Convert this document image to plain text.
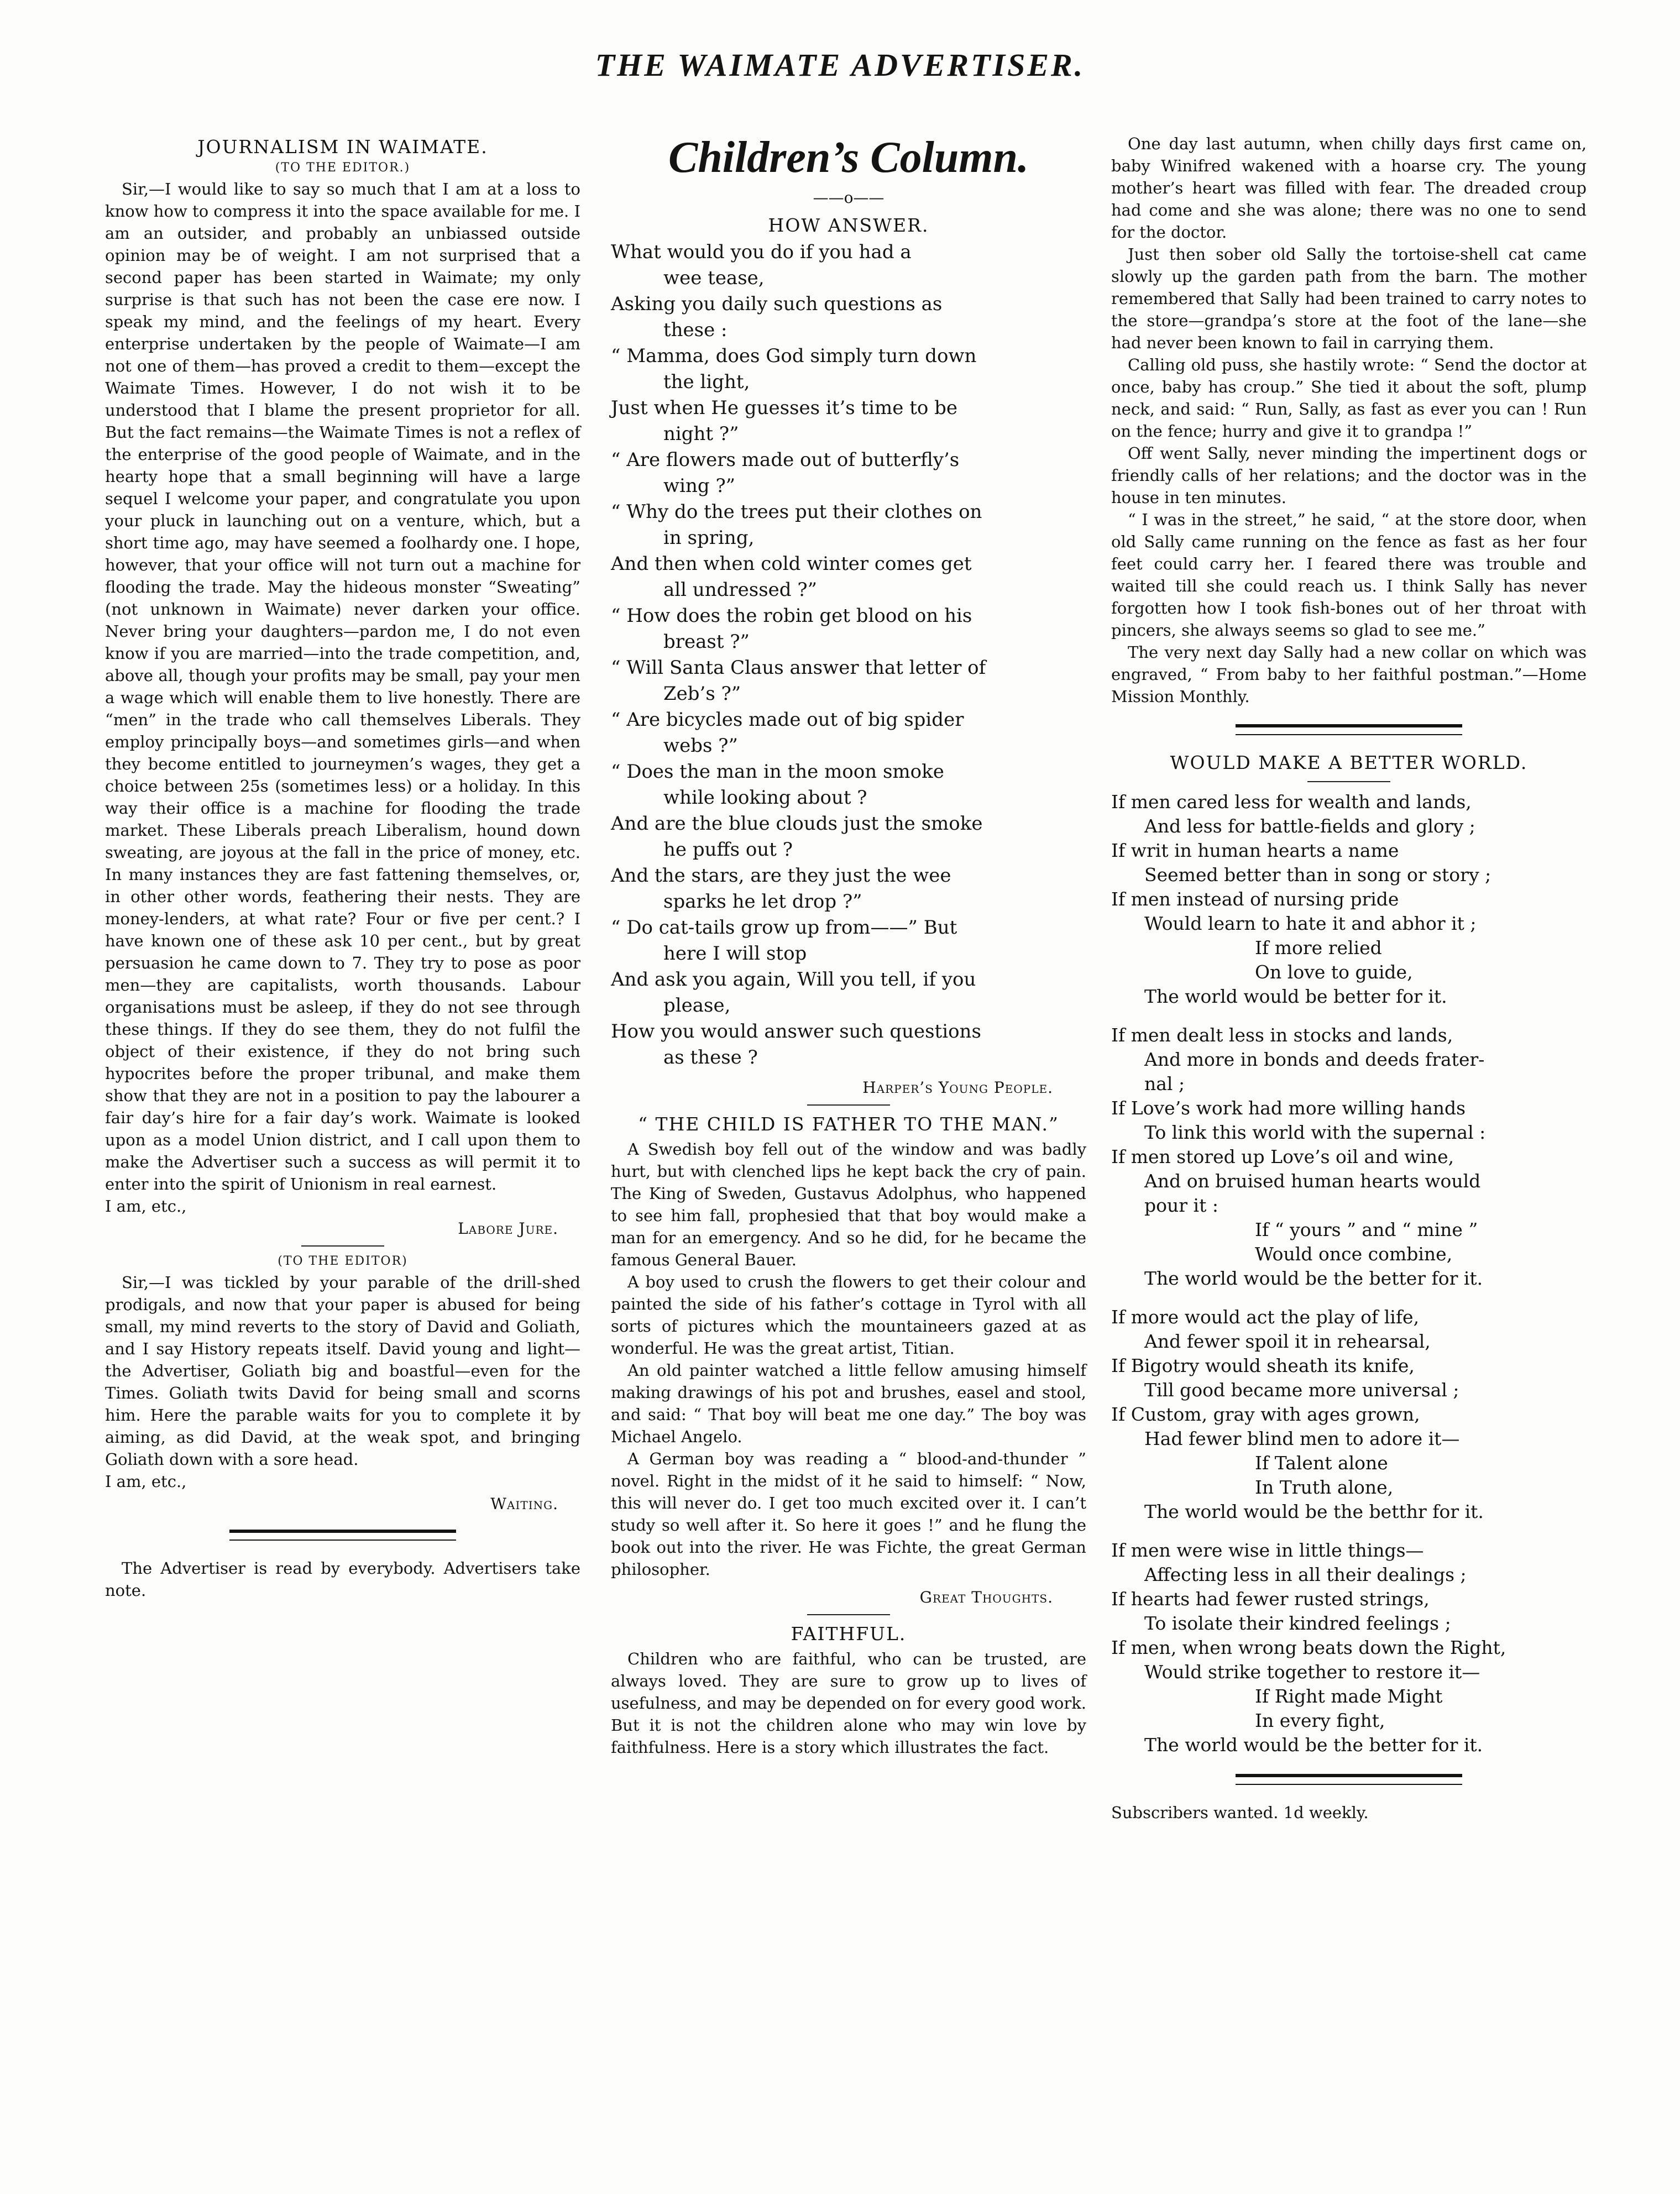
THE WAIMATE ADVERTISER.
JOURNALISM IN WAIMATE.
(TO THE EDITOR.)

Sir,—I would like to say so much that I am at a loss to know how to compress it into the space available for me. I am an outsider, and probably an unbiassed outside opinion may be of weight. I am not surprised that a second paper has been started in Waimate; my only surprise is that such has not been the case ere now. I speak my mind, and the feelings of my heart. Every enterprise undertaken by the people of Waimate—I am not one of them—has proved a credit to them—except the Waimate Times. However, I do not wish it to be understood that I blame the present proprietor for all. But the fact remains—the Waimate Times is not a reflex of the enterprise of the good people of Waimate, and in the hearty hope that a small beginning will have a large sequel I welcome your paper, and congratulate you upon your pluck in launching out on a venture, which, but a short time ago, may have seemed a foolhardy one. I hope, however, that your office will not turn out a machine for flooding the trade. May the hideous monster “Sweating” (not unknown in Waimate) never darken your office. Never bring your daughters—pardon me, I do not even know if you are married—into the trade competition, and, above all, though your profits may be small, pay your men a wage which will enable them to live honestly. There are “men” in the trade who call themselves Liberals. They employ principally boys—and sometimes girls—and when they become entitled to journeymen’s wages, they get a choice between 25s (sometimes less) or a holiday. In this way their office is a machine for flooding the trade market. These Liberals preach Liberalism, hound down sweating, are joyous at the fall in the price of money, etc. In many instances they are fast fattening themselves, or, in other other words, feathering their nests. They are money-lenders, at what rate? Four or five per cent.? I have known one of these ask 10 per cent., but by great persuasion he came down to 7. They try to pose as poor men—they are capitalists, worth thousands. Labour organisations must be asleep, if they do not see through these things. If they do see them, they do not fulfil the object of their existence, if they do not bring such hypocrites before the proper tribunal, and make them show that they are not in a position to pay the labourer a fair day’s hire for a fair day’s work. Waimate is looked upon as a model Union district, and I call upon them to make the Advertiser such a success as will permit it to enter into the spirit of Unionism in real earnest.

I am, etc.,

Labore Jure.
(TO THE EDITOR)

Sir,—I was tickled by your parable of the drill-shed prodigals, and now that your paper is abused for being small, my mind reverts to the story of David and Goliath, and I say History repeats itself. David young and light—the Advertiser, Goliath big and boastful—even for the Times. Goliath twits David for being small and scorns him. Here the parable waits for you to complete it by aiming, as did David, at the weak spot, and bringing Goliath down with a sore head.

I am, etc.,

Waiting.

The Advertiser is read by everybody. Advertisers take note.

Children’s Column.
——o——
HOW ANSWER.
What would you do if you had a
wee tease,
Asking you daily such questions as
these :
“ Mamma, does God simply turn down
the light,
Just when He guesses it’s time to be
night ?”
“ Are flowers made out of butterfly’s
wing ?”
“ Why do the trees put their clothes on
in spring,
And then when cold winter comes get
all undressed ?”
“ How does the robin get blood on his
breast ?”
“ Will Santa Claus answer that letter of
Zeb’s ?”
“ Are bicycles made out of big spider
webs ?”
“ Does the man in the moon smoke
while looking about ?
And are the blue clouds just the smoke
he puffs out ?
And the stars, are they just the wee
sparks he let drop ?”
“ Do cat-tails grow up from——” But
here I will stop
And ask you again, Will you tell, if you
please,
How you would answer such questions
as these ?
Harper’s Young People.
“ THE CHILD IS FATHER TO THE MAN.”

A Swedish boy fell out of the window and was badly hurt, but with clenched lips he kept back the cry of pain. The King of Sweden, Gustavus Adolphus, who happened to see him fall, prophesied that that boy would make a man for an emergency. And so he did, for he became the famous General Bauer.

A boy used to crush the flowers to get their colour and painted the side of his father’s cottage in Tyrol with all sorts of pictures which the mountaineers gazed at as wonderful. He was the great artist, Titian.

An old painter watched a little fellow amusing himself making drawings of his pot and brushes, easel and stool, and said: “ That boy will beat me one day.” The boy was Michael Angelo.

A German boy was reading a “ blood-and-thunder ” novel. Right in the midst of it he said to himself: “ Now, this will never do. I get too much excited over it. I can’t study so well after it. So here it goes !” and he flung the book out into the river. He was Fichte, the great German philosopher.

Great Thoughts.
FAITHFUL.

Children who are faithful, who can be trusted, are always loved. They are sure to grow up to lives of usefulness, and may be depended on for every good work. But it is not the children alone who may win love by faithfulness. Here is a story which illustrates the fact.

One day last autumn, when chilly days first came on, baby Winifred wakened with a hoarse cry. The young mother’s heart was filled with fear. The dreaded croup had come and she was alone; there was no one to send for the doctor.

Just then sober old Sally the tortoise-shell cat came slowly up the garden path from the barn. The mother remembered that Sally had been trained to carry notes to the store—grandpa’s store at the foot of the lane—she had never been known to fail in carrying them.

Calling old puss, she hastily wrote: “ Send the doctor at once, baby has croup.” She tied it about the soft, plump neck, and said: “ Run, Sally, as fast as ever you can ! Run on the fence; hurry and give it to grandpa !”

Off went Sally, never minding the impertinent dogs or friendly calls of her relations; and the doctor was in the house in ten minutes.

“ I was in the street,” he said, “ at the store door, when old Sally came running on the fence as fast as her four feet could carry her. I feared there was trouble and waited till she could reach us. I think Sally has never forgotten how I took fish-bones out of her throat with pincers, she always seems so glad to see me.”

The very next day Sally had a new collar on which was engraved, “ From baby to her faithful postman.”—Home Mission Monthly.

WOULD MAKE A BETTER WORLD.
If men cared less for wealth and lands,
And less for battle-fields and glory ;
If writ in human hearts a name
Seemed better than in song or story ;
If men instead of nursing pride
Would learn to hate it and abhor it ;
If more relied
On love to guide,
The world would be better for it.
If men dealt less in stocks and lands,
And more in bonds and deeds frater-
nal ;
If Love’s work had more willing hands
To link this world with the supernal :
If men stored up Love’s oil and wine,
And on bruised human hearts would
pour it :
If “ yours ” and “ mine ”
Would once combine,
The world would be the better for it.
If more would act the play of life,
And fewer spoil it in rehearsal,
If Bigotry would sheath its knife,
Till good became more universal ;
If Custom, gray with ages grown,
Had fewer blind men to adore it—
If Talent alone
In Truth alone,
The world would be the betthr for it.
If men were wise in little things—
Affecting less in all their dealings ;
If hearts had fewer rusted strings,
To isolate their kindred feelings ;
If men, when wrong beats down the Right,
Would strike together to restore it—
If Right made Might
In every fight,
The world would be the better for it.

Subscribers wanted. 1d weekly.
